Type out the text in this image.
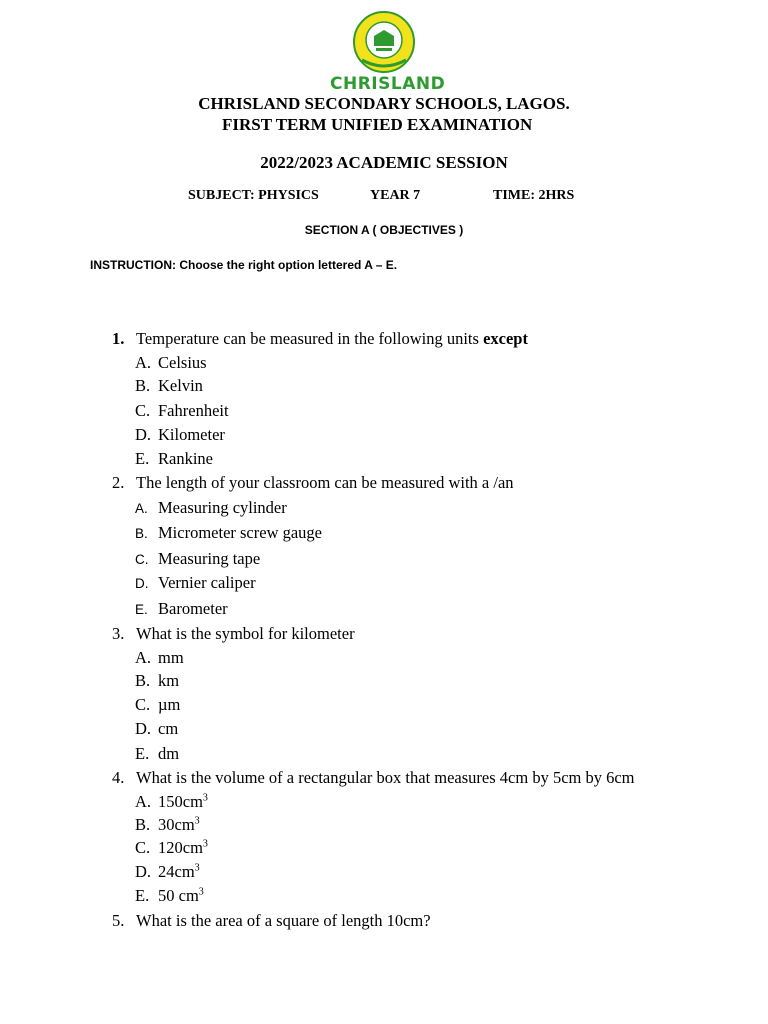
CHRISLAND
CHRISLAND SECONDARY SCHOOLS, LAGOS.
FIRST TERM UNIFIED EXAMINATION
2022/2023 ACADEMIC SESSION
SUBJECT: PHYSICS	YEAR 7	TIME: 2HRS
SECTION A ( OBJECTIVES )
INSTRUCTION: Choose the right option lettered A – E.
1. Temperature can be measured in the following units except
A. Celsius
B. Kelvin
C. Fahrenheit
D. Kilometer
E. Rankine
2. The length of your classroom can be measured with a /an
A. Measuring cylinder
B. Micrometer screw gauge
C. Measuring tape
D. Vernier caliper
E. Barometer
3. What is the symbol for kilometer
A. mm
B. km
C. µm
D. cm
E. dm
4. What is the volume of a rectangular box that measures 4cm by 5cm by 6cm
A. $150cm^3$
B. $30cm^3$
C. $120cm^3$
D. $24cm^3$
E. 50 $cm^3$
5. What is the area of a square of length 10cm?
